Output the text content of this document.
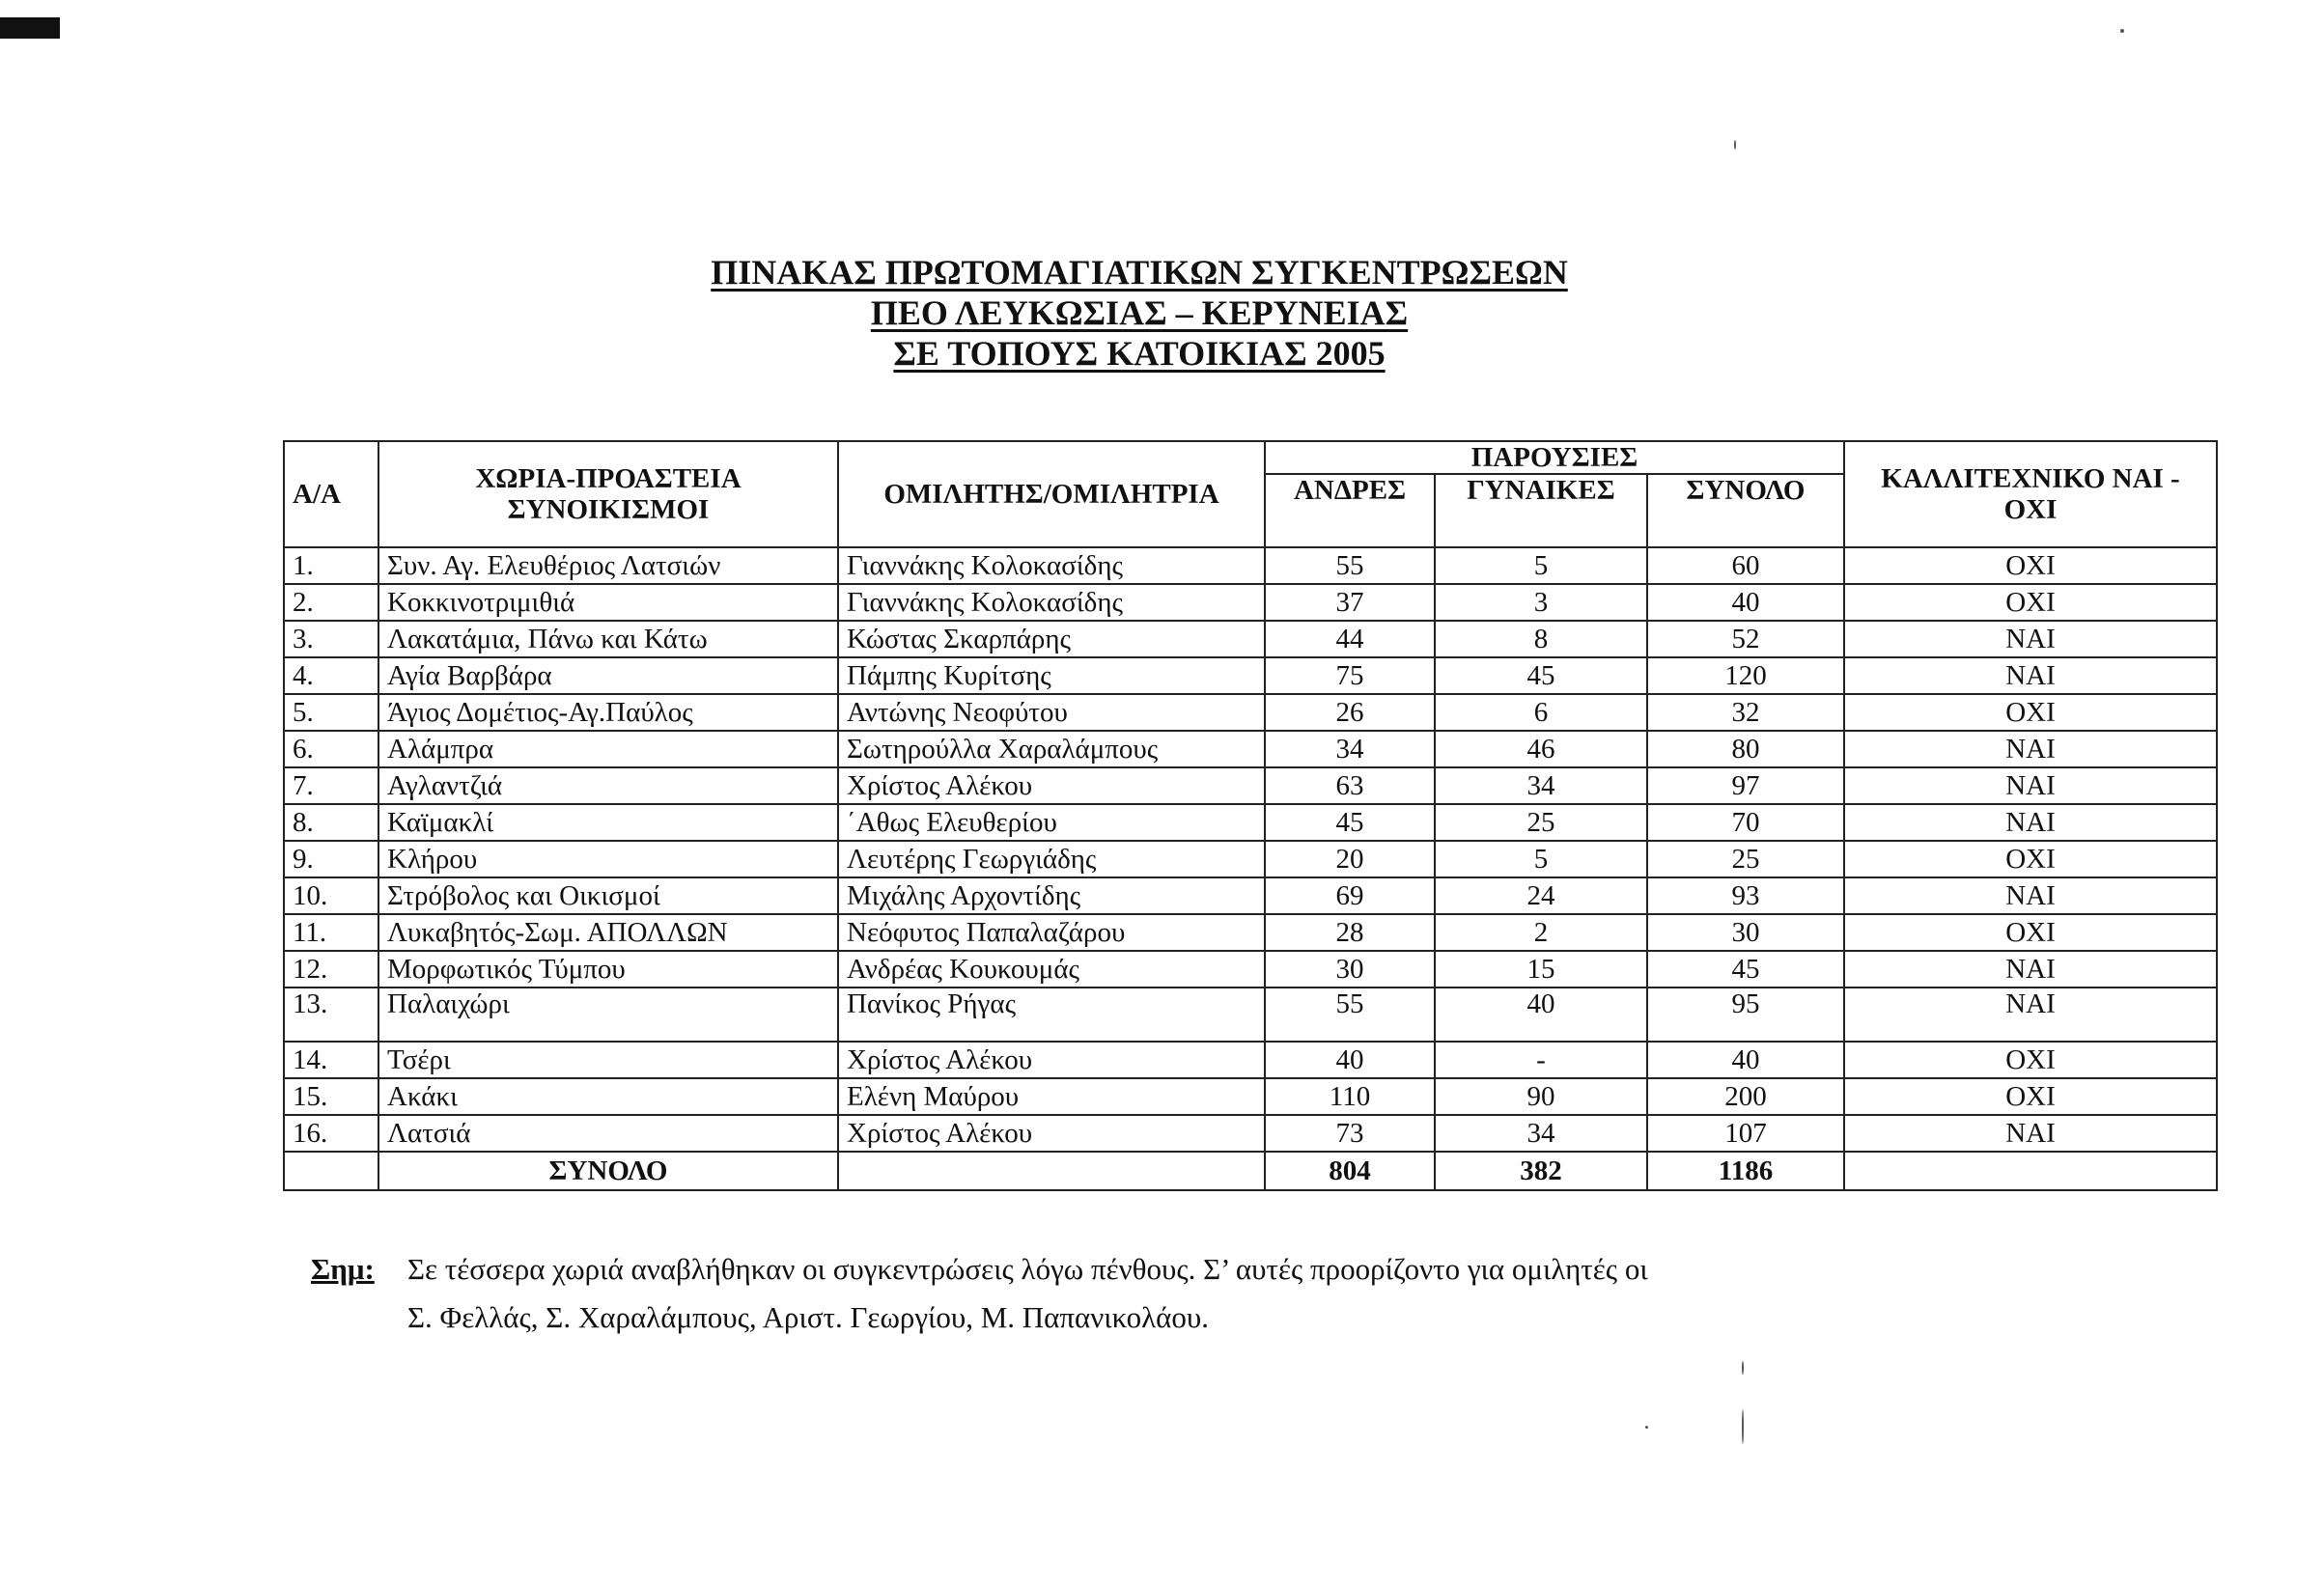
ΠΙΝΑΚΑΣ ΠΡΩΤΟΜΑΓΙΑΤΙΚΩΝ ΣΥΓΚΕΝΤΡΩΣΕΩΝ
ΠΕΟ ΛΕΥΚΩΣΙΑΣ – ΚΕΡΥΝΕΙΑΣ
ΣΕ ΤΟΠΟΥΣ ΚΑΤΟΙΚΙΑΣ 2005
Α/Α	ΧΩΡΙΑ-ΠΡΟΑΣΤΕΙΑ ΣΥΝΟΙΚΙΣΜΟΙ	ΟΜΙΛΗΤΗΣ/ΟΜΙΛΗΤΡΙΑ	ΠΑΡΟΥΣΙΕΣ			ΚΑΛΛΙΤΕΧΝΙΚΟ ΝΑΙ - ΟΧΙ
			ΑΝΔΡΕΣ	ΓΥΝΑΙΚΕΣ	ΣΥΝΟΛΟ	
1.	Συν. Αγ. Ελευθέριος Λατσιών	Γιαννάκης Κολοκασίδης	55	5	60	ΟΧΙ
2.	Κοκκινοτριμιθιά	Γιαννάκης Κολοκασίδης	37	3	40	ΟΧΙ
3.	Λακατάμια, Πάνω και Κάτω	Κώστας Σκαρπάρης	44	8	52	ΝΑΙ
4.	Αγία Βαρβάρα	Πάμπης Κυρίτσης	75	45	120	ΝΑΙ
5.	Άγιος Δομέτιος-Αγ.Παύλος	Αντώνης Νεοφύτου	26	6	32	ΟΧΙ
6.	Αλάμπρα	Σωτηρούλλα Χαραλάμπους	34	46	80	ΝΑΙ
7.	Αγλαντζιά	Χρίστος Αλέκου	63	34	97	ΝΑΙ
8.	Καϊμακλί	΄Αθως Ελευθερίου	45	25	70	ΝΑΙ
9.	Κλήρου	Λευτέρης Γεωργιάδης	20	5	25	ΟΧΙ
10.	Στρόβολος και Οικισμοί	Μιχάλης Αρχοντίδης	69	24	93	ΝΑΙ
11.	Λυκαβητός-Σωμ. ΑΠΟΛΛΩΝ	Νεόφυτος Παπαλαζάρου	28	2	30	ΟΧΙ
12.	Μορφωτικός Τύμπου	Ανδρέας Κουκουμάς	30	15	45	ΝΑΙ
13.	Παλαιχώρι	Πανίκος Ρήγας	55	40	95	ΝΑΙ
14.	Τσέρι	Χρίστος Αλέκου	40	-	40	ΟΧΙ
15.	Ακάκι	Ελένη Μαύρου	110	90	200	ΟΧΙ
16.	Λατσιά	Χρίστος Αλέκου	73	34	107	ΝΑΙ
	ΣΥΝΟΛΟ		804	382	1186	
Σημ: Σε τέσσερα χωριά αναβλήθηκαν οι συγκεντρώσεις λόγω πένθους. Σ’ αυτές προορίζοντο για ομιλητές οι
Σ. Φελλάς, Σ. Χαραλάμπους, Αριστ. Γεωργίου, Μ. Παπανικολάου.
